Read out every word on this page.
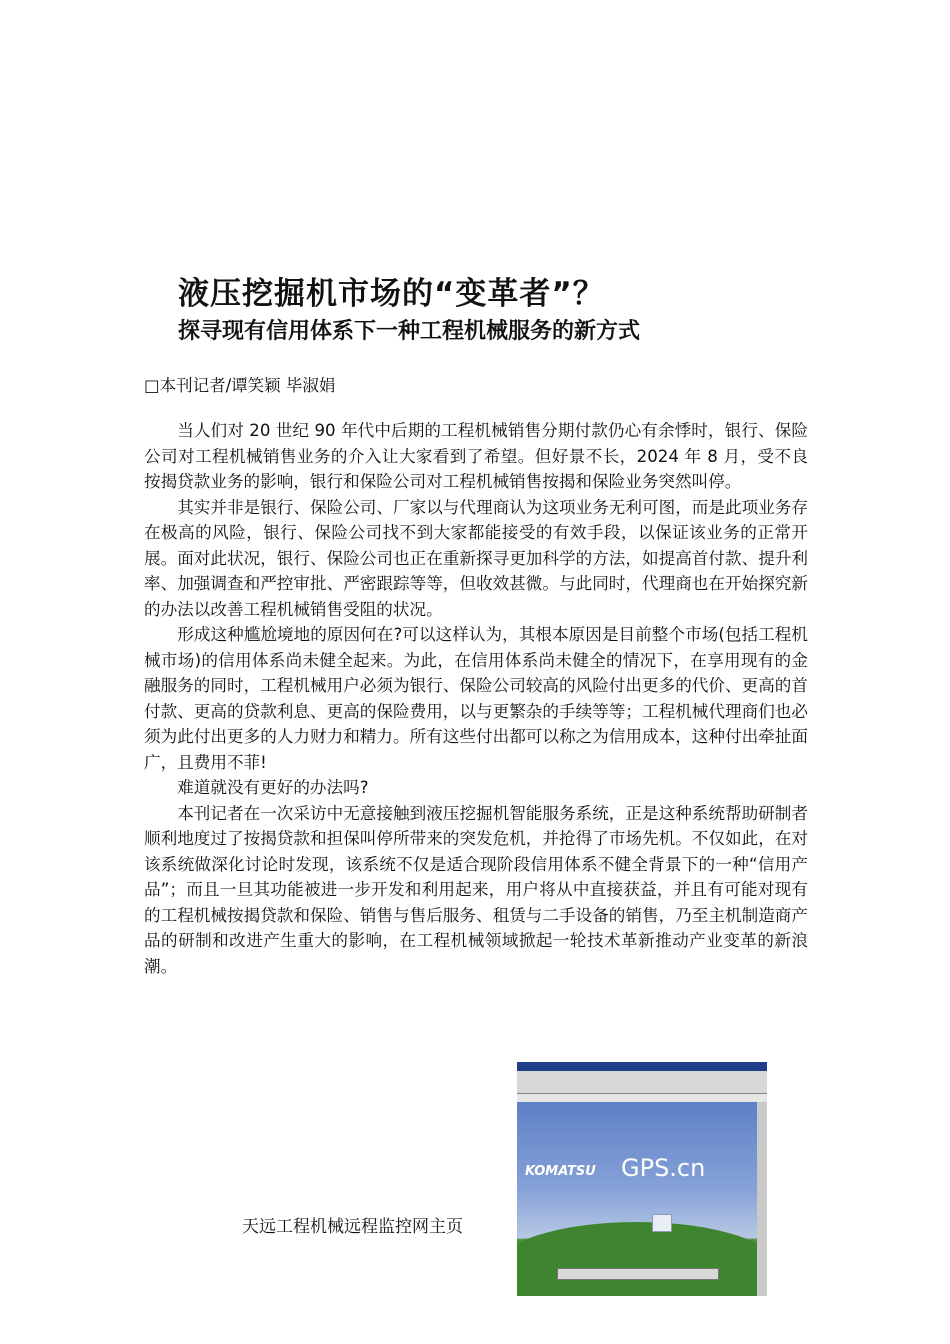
液压挖掘机市场的“变革者”？
探寻现有信用体系下一种工程机械服务的新方式
□本刊记者/谭笑颖 毕淑娟

当人们对 20 世纪 90 年代中后期的工程机械销售分期付款仍心有余悸时，银行、保险公司对工程机械销售业务的介入让大家看到了希望。但好景不长，2024 年 8 月，受不良按揭贷款业务的影响，银行和保险公司对工程机械销售按揭和保险业务突然叫停。

其实并非是银行、保险公司、厂家以与代理商认为这项业务无利可图，而是此项业务存在极高的风险，银行、保险公司找不到大家都能接受的有效手段，以保证该业务的正常开展。面对此状况，银行、保险公司也正在重新探寻更加科学的方法，如提高首付款、提升利率、加强调查和严控审批、严密跟踪等等，但收效甚微。与此同时，代理商也在开始探究新的办法以改善工程机械销售受阻的状况。

形成这种尴尬境地的原因何在?可以这样认为，其根本原因是目前整个市场(包括工程机械市场)的信用体系尚未健全起来。为此，在信用体系尚未健全的情况下，在享用现有的金融服务的同时，工程机械用户必须为银行、保险公司较高的风险付出更多的代价、更高的首付款、更高的贷款利息、更高的保险费用，以与更繁杂的手续等等；工程机械代理商们也必须为此付出更多的人力财力和精力。所有这些付出都可以称之为信用成本，这种付出牵扯面广，且费用不菲!

难道就没有更好的办法吗?

本刊记者在一次采访中无意接触到液压挖掘机智能服务系统，正是这种系统帮助研制者顺利地度过了按揭贷款和担保叫停所带来的突发危机，并抢得了市场先机。不仅如此，在对该系统做深化讨论时发现，该系统不仅是适合现阶段信用体系不健全背景下的一种“信用产品”；而且一旦其功能被进一步开发和利用起来，用户将从中直接获益，并且有可能对现有的工程机械按揭贷款和保险、销售与售后服务、租赁与二手设备的销售，乃至主机制造商产品的研制和改进产生重大的影响，在工程机械领域掀起一轮技术革新推动产业变革的新浪潮。

天远工程机械远程监控网主页
KOMATSU GPS.cn
